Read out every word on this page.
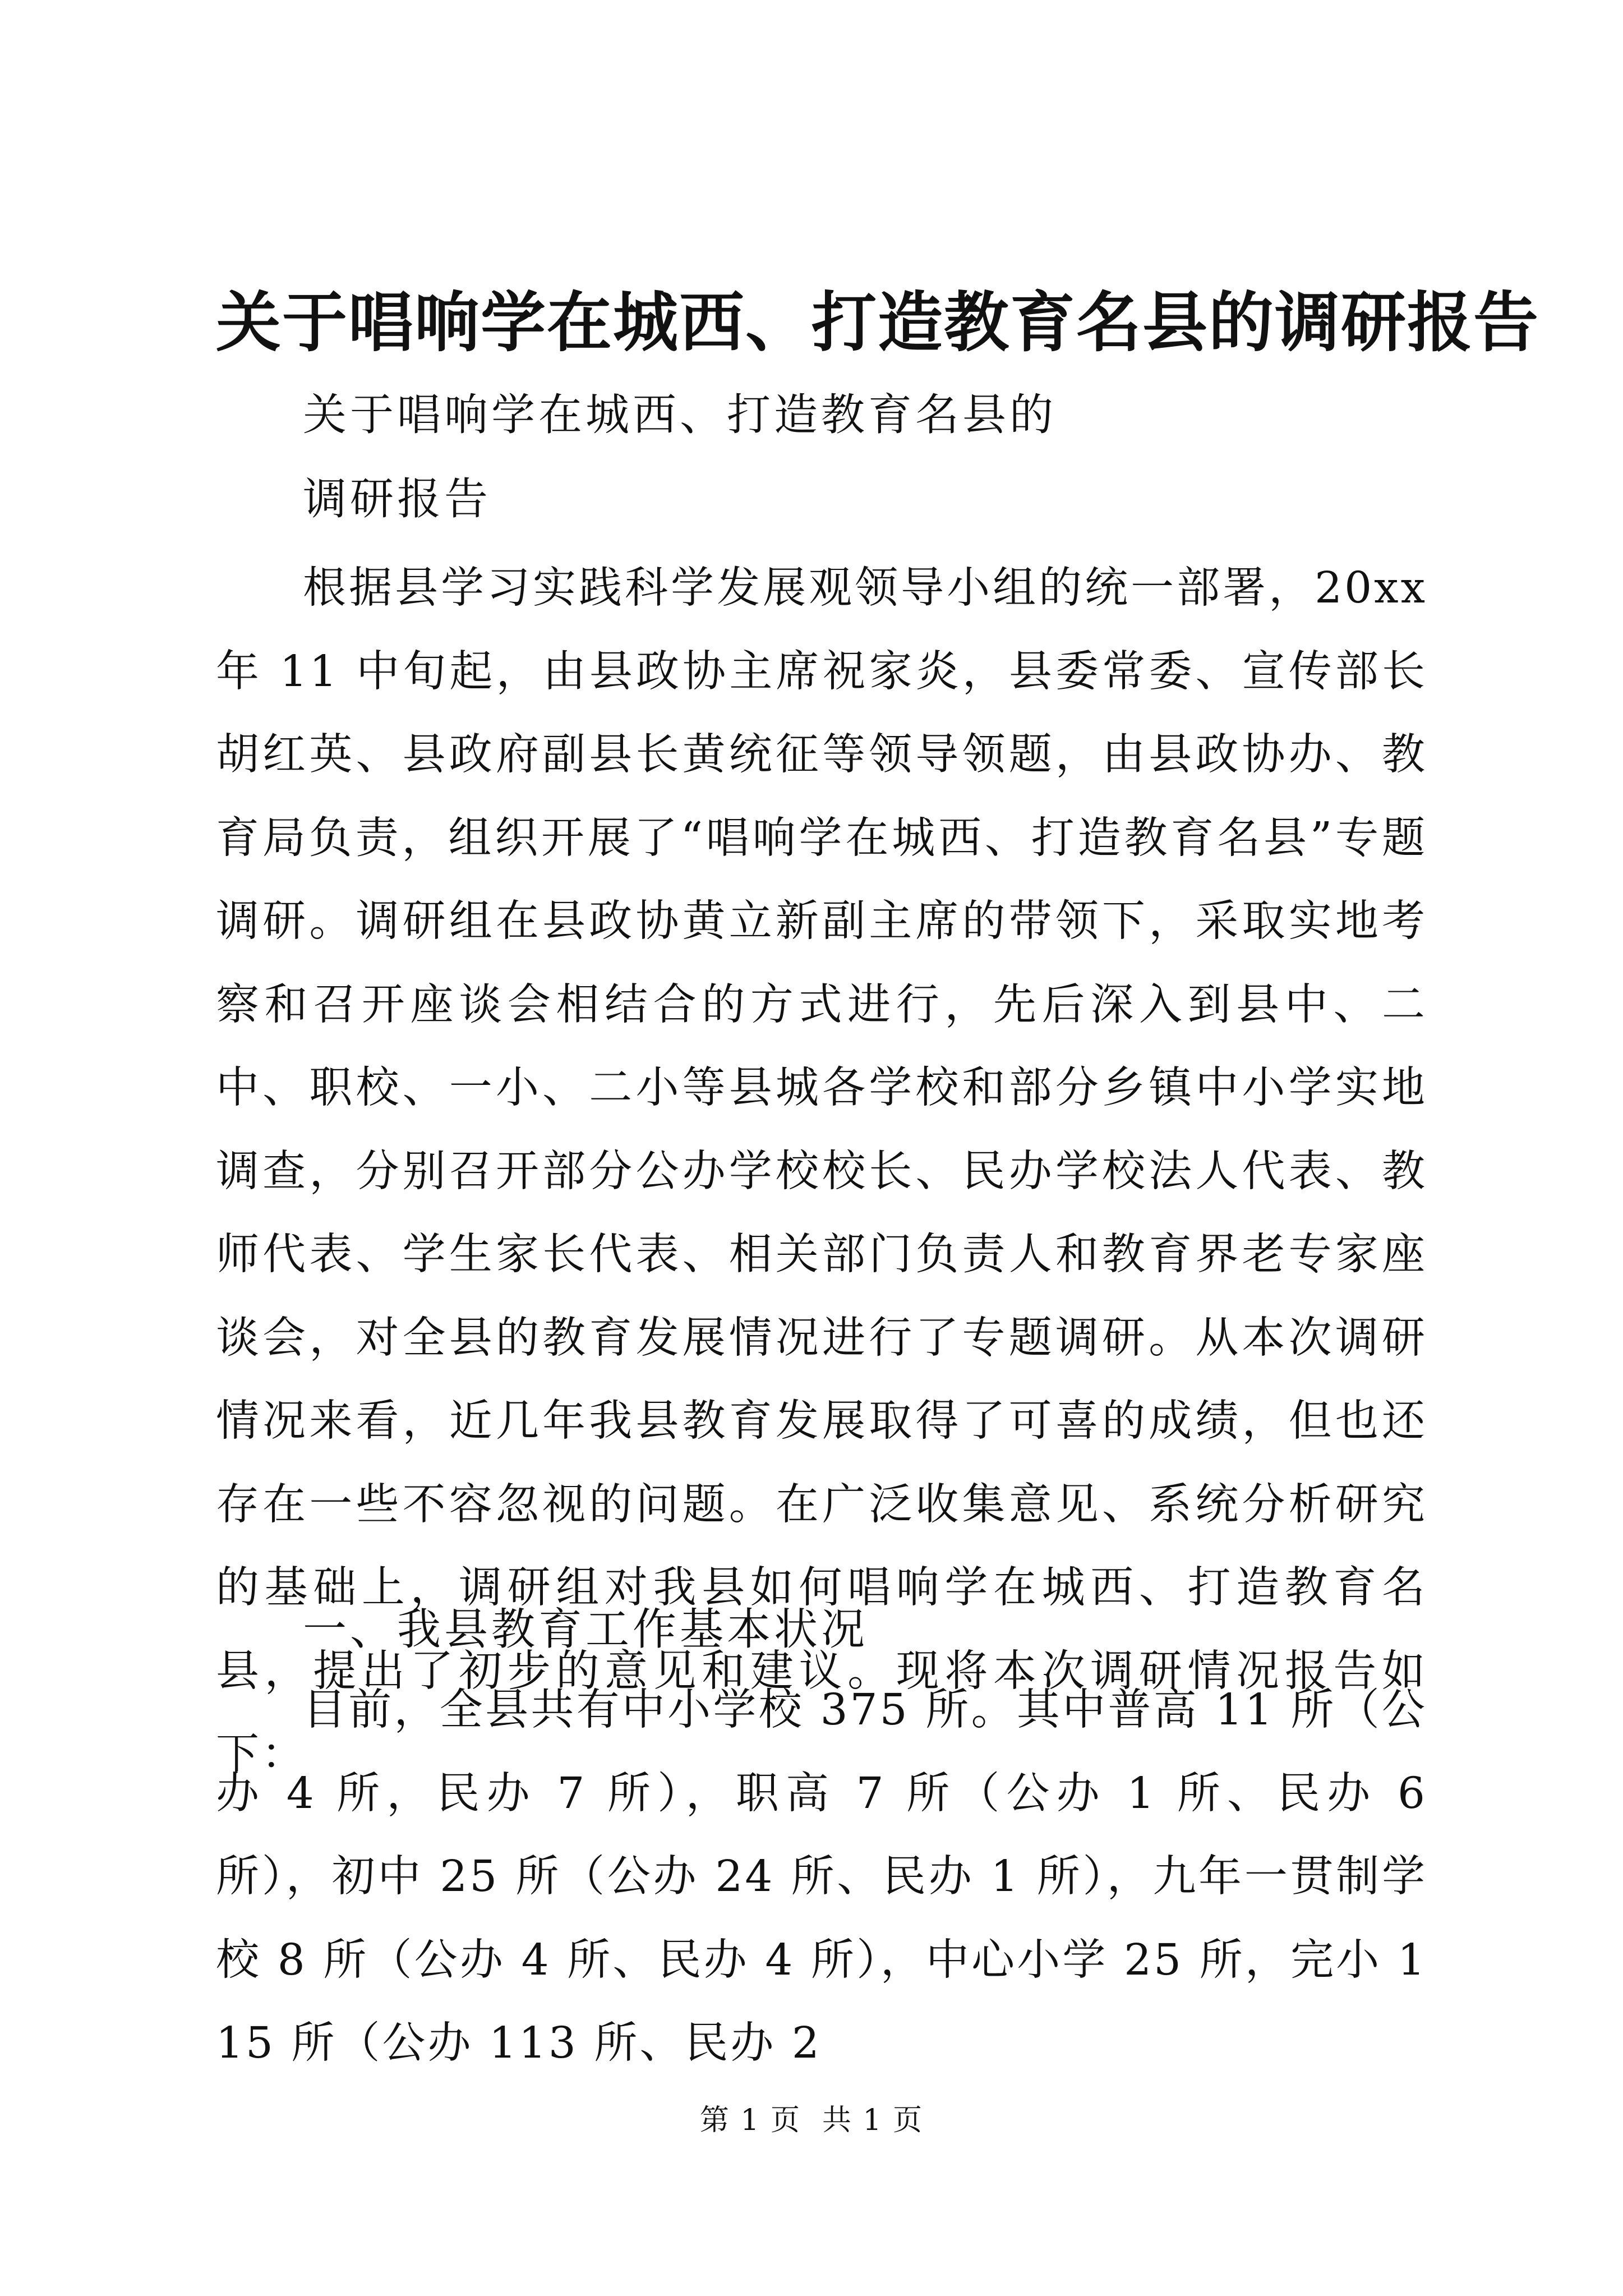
关于唱响学在城西、打造教育名县的调研报告
关于唱响学在城西、打造教育名县的
调研报告

根据县学习实践科学发展观领导小组的统一部署，20xx 年 11 中旬起，由县政协主席祝家炎，县委常委、宣传部长胡红英、县政府副县长黄统征等领导领题，由县政协办、教育局负责，组织开展了“唱响学在城西、打造教育名县”专题调研。调研组在县政协黄立新副主席的带领下，采取实地考察和召开座谈会相结合的方式进行，先后深入到县中、二中、职校、一小、二小等县城各学校和部分乡镇中小学实地调查，分别召开部分公办学校校长、民办学校法人代表、教师代表、学生家长代表、相关部门负责人和教育界老专家座谈会，对全县的教育发展情况进行了专题调研。从本次调研情况来看，近几年我县教育发展取得了可喜的成绩，但也还存在一些不容忽视的问题。在广泛收集意见、系统分析研究的基础上，调研组对我县如何唱响学在城西、打造教育名县，提出了初步的意见和建议。现将本次调研情况报告如下：

一、我县教育工作基本状况

目前，全县共有中小学校 375 所。其中普高 11 所（公办 4 所，民办 7 所），职高 7 所（公办 1 所、民办 6 所），初中 25 所（公办 24 所、民办 1 所），九年一贯制学校 8 所（公办 4 所、民办 4 所），中心小学 25 所，完小 115 所（公办 113 所、民办 2

第 1 页 共 1 页
